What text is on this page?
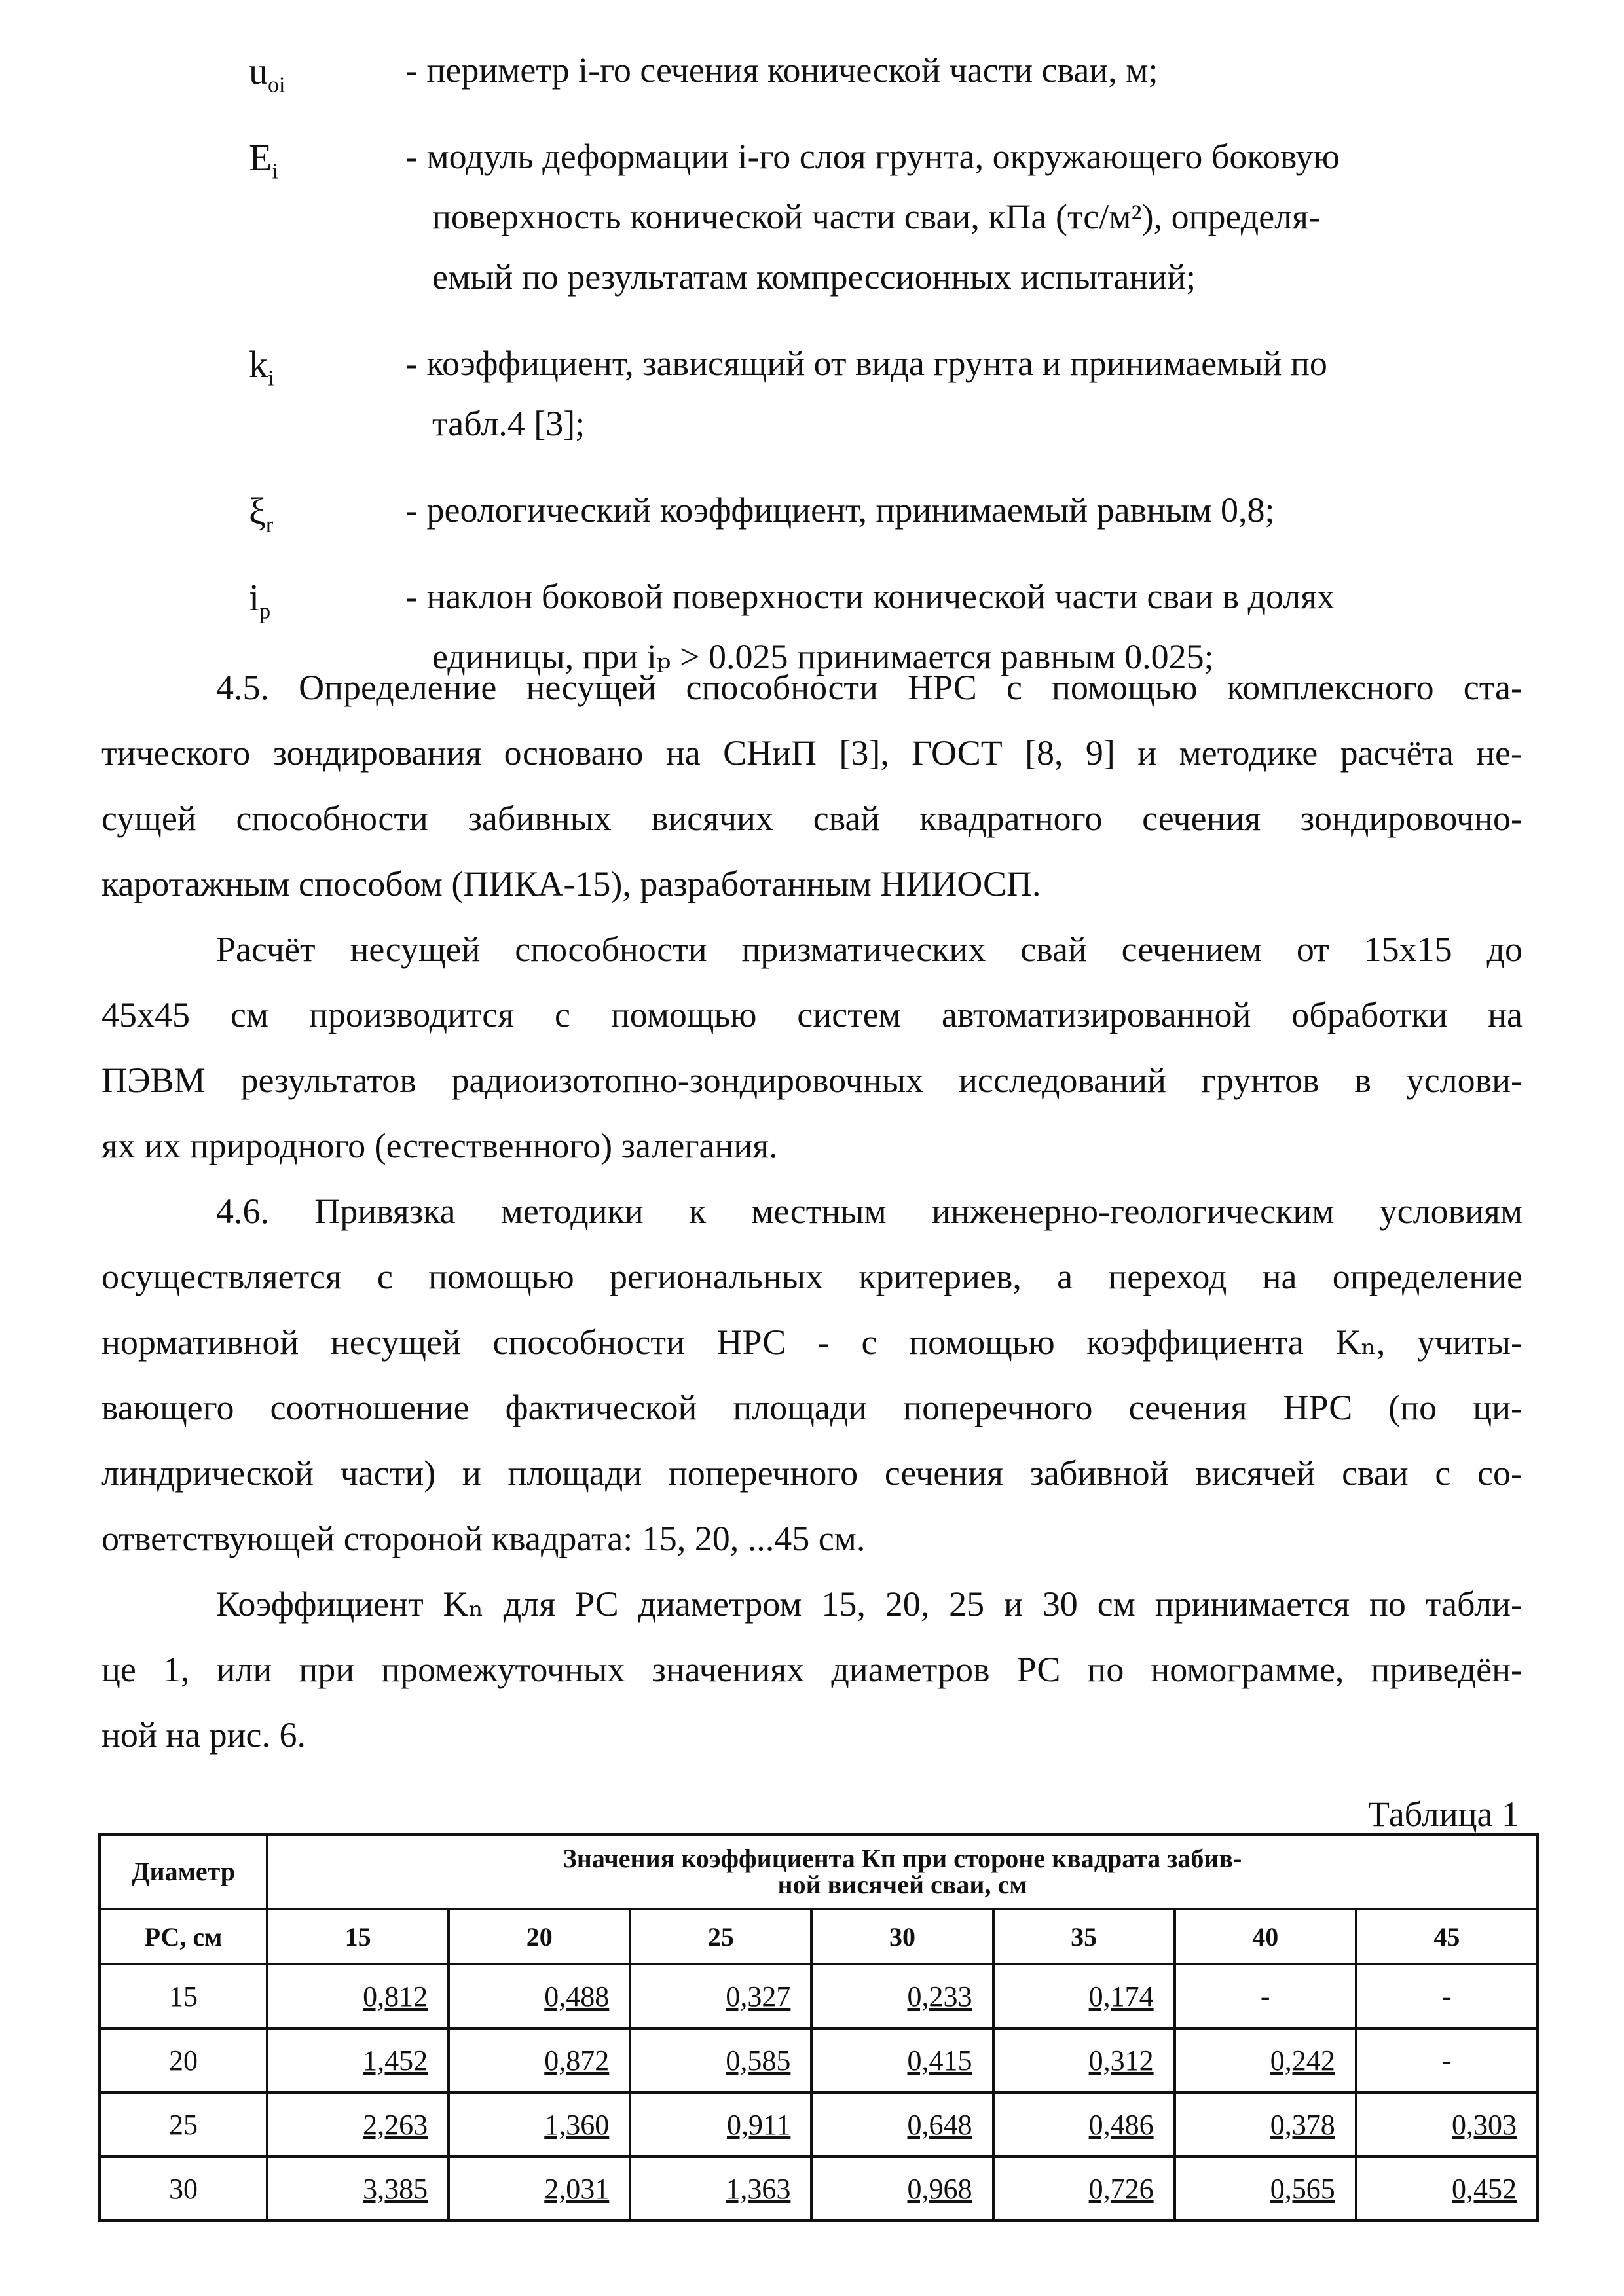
$u_{oi}$	- периметр i-го сечения конической части сваи, м;
$E_i$	- модуль деформации i-го слоя грунта, окружающего боковую
поверхность конической части сваи, кПа (тс/м²), определя-
емый по результатам компрессионных испытаний;
$k_i$	- коэффициент, зависящий от вида грунта и принимаемый по
табл.4 [3];
$\xi_r$	- реологический коэффициент, принимаемый равным 0,8;
$i_p$	- наклон боковой поверхности конической части сваи в долях
единицы, при iₚ > 0.025 принимается равным 0.025;
4.5. Определение несущей способности НРС с помощью комплексного ста-
тического зондирования основано на СНиП [3], ГОСТ [8, 9] и методике расчёта не-
сущей способности забивных висячих свай квадратного сечения зондировочно-
каротажным способом (ПИКА-15), разработанным НИИОСП.
Расчёт несущей способности призматических свай сечением от 15х15 до
45х45 см производится с помощью систем автоматизированной обработки на
ПЭВМ результатов радиоизотопно-зондировочных исследований грунтов в услови-
ях их природного (естественного) залегания.
4.6. Привязка методики к местным инженерно-геологическим условиям
осуществляется с помощью региональных критериев, а переход на определение
нормативной несущей способности НРС - с помощью коэффициента Kₙ, учиты-
вающего соотношение фактической площади поперечного сечения НРС (по ци-
линдрической части) и площади поперечного сечения забивной висячей сваи с со-
ответствующей стороной квадрата: 15, 20, ...45 см.
Коэффициент Kₙ для РС диаметром 15, 20, 25 и 30 см принимается по табли-
це 1, или при промежуточных значениях диаметров РС по номограмме, приведён-
ной на рис. 6.
Таблица 1
Диаметр	Значения коэффициента Кп при стороне квадрата забив-
ной висячей сваи, см						
РС, см	15	20	25	30	35	40	45
15	0,812	0,488	0,327	0,233	0,174	-	-
20	1,452	0,872	0,585	0,415	0,312	0,242	-
25	2,263	1,360	0,911	0,648	0,486	0,378	0,303
30	3,385	2,031	1,363	0,968	0,726	0,565	0,452
